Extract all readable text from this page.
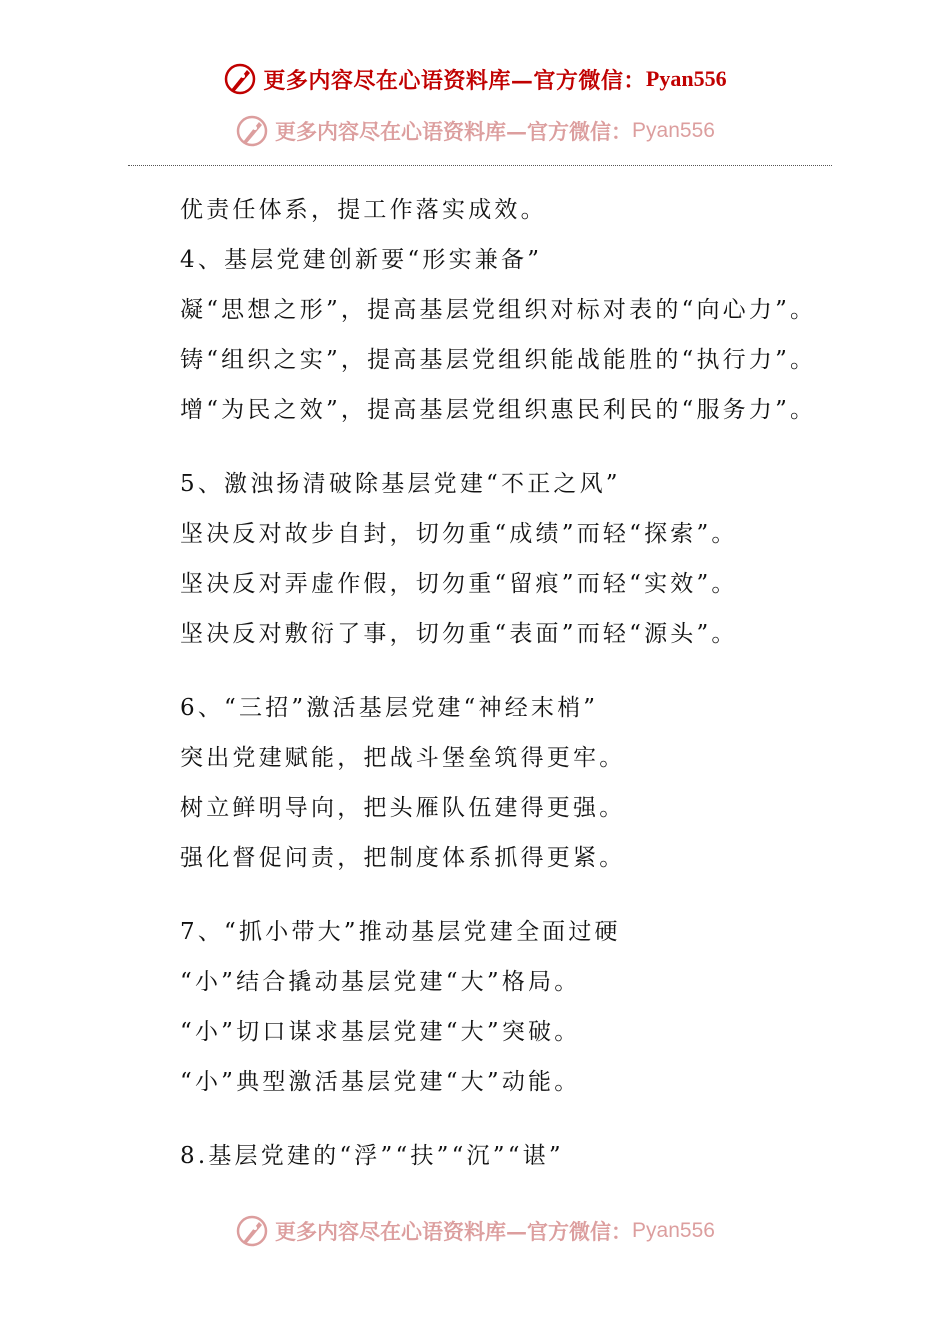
更多内容尽在心语资料库—官方微信： Pyan556
更多内容尽在心语资料库—官方微信： Pyan556
优责任体系，提工作落实成效。
4、基层党建创新要“形实兼备”
凝“思想之形”，提高基层党组织对标对表的“向心力”。
铸“组织之实”，提高基层党组织能战能胜的“执行力”。
增“为民之效”，提高基层党组织惠民利民的“服务力”。
5、激浊扬清破除基层党建“不正之风”
坚决反对故步自封，切勿重“成绩”而轻“探索”。
坚决反对弄虚作假，切勿重“留痕”而轻“实效”。
坚决反对敷衍了事，切勿重“表面”而轻“源头”。
6、“三招”激活基层党建“神经末梢”
突出党建赋能，把战斗堡垒筑得更牢。
树立鲜明导向，把头雁队伍建得更强。
强化督促问责，把制度体系抓得更紧。
7、“抓小带大”推动基层党建全面过硬
“小”结合撬动基层党建“大”格局。
“小”切口谋求基层党建“大”突破。
“小”典型激活基层党建“大”动能。
8.基层党建的“浮”“扶”“沉”“谌”
更多内容尽在心语资料库—官方微信： Pyan556
